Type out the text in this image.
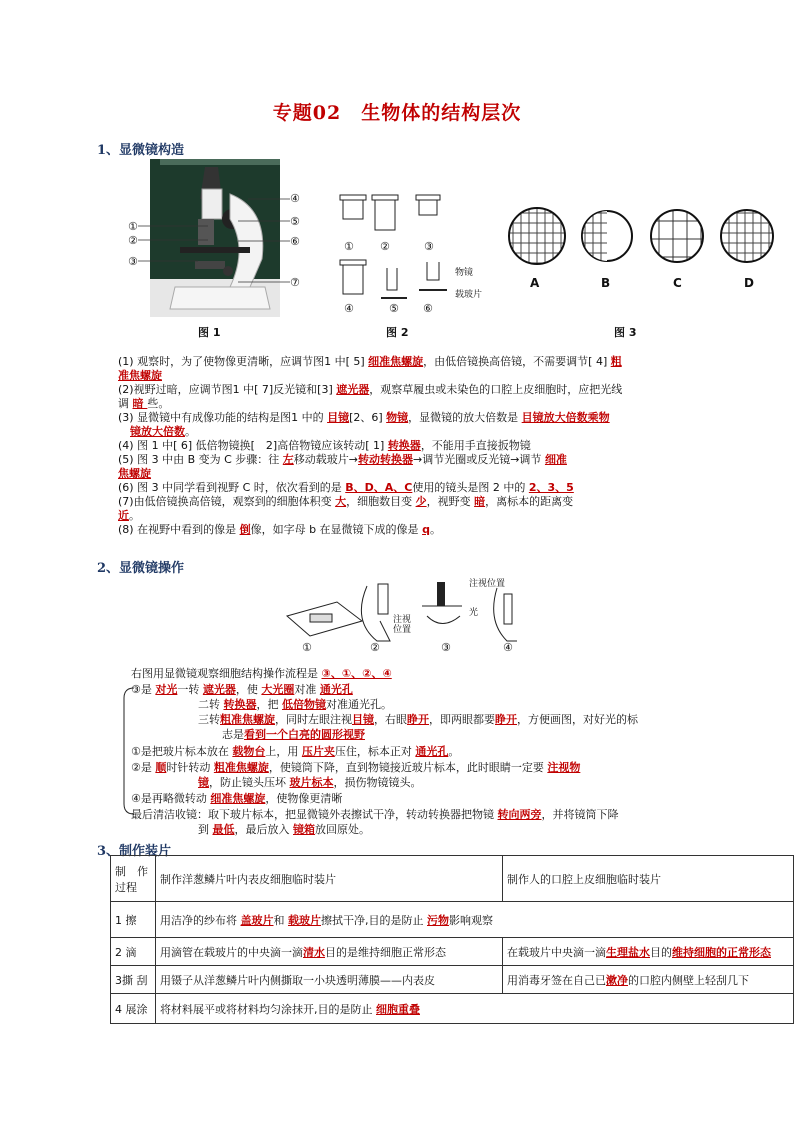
专题02　生物体的结构层次
1、显微镜构造
①
②
③
④
⑤
⑥
⑦
图 1
① ②	③
④	⑤ ⑥
物镜
载玻片
图 2
A	B	C	D
图 3
(1) 观察时，为了使物像更清晰，应调节图1 中[ 5] 细准焦螺旋，由低倍镜换高倍镜，不需要调节[ 4] 粗
准焦螺旋
(2)视野过暗，应调节图1 中[ 7]反光镜和[3] 遮光器，观察草履虫或未染色的口腔上皮细胞时，应把光线
调 暗 些。
(3) 显微镜中有成像功能的结构是图1 中的 目镜[2、6] 物镜，显微镜的放大倍数是 目镜放大倍数乘物
镜放大倍数。
(4) 图 1 中[ 6] 低倍物镜换[　2]高倍物镜应该转动[ 1] 转换器，不能用手直接扳物镜
(5) 图 3 中由 B 变为 C 步骤：往 左移动载玻片→转动转换器→调节光圈或反光镜→调节 细准
焦螺旋
(6) 图 3 中同学看到视野 C 时，依次看到的是 B、D、A、C使用的镜头是图 2 中的 2、3、5
(7)由低倍镜换高倍镜，观察到的细胞体积变 大，细胞数目变 少，视野变 暗，离标本的距离变
近。
(8) 在视野中看到的像是 倒像，如字母 b 在显微镜下成的像是 q。
2、显微镜操作
注视
位置
光
注视位置
①	②	③	④
右图用显微镜观察细胞结构操作流程是 ③、①、②、④
③是 对光一转 遮光器，使 大光圈对准 通光孔
二转 转换器，把 低倍物镜对准通光孔。
三转粗准焦螺旋，同时左眼注视目镜，右眼睁开，即两眼都要睁开，方便画图，对好光的标
志是看到一个白亮的圆形视野
①是把玻片标本放在 载物台上，用 压片夹压住，标本正对 通光孔。
②是 顺时针转动 粗准焦螺旋，使镜筒下降，直到物镜接近玻片标本，此时眼睛一定要 注视物
镜，防止镜头压坏 玻片标本，损伤物镜镜头。
④是再略微转动 细准焦螺旋，使物像更清晰
最后清洁收镜：取下玻片标本，把显微镜外表擦试干净，转动转换器把物镜 转向两旁，并将镜筒下降
到 最低，最后放入 镜箱放回原处。
3、制作装片
制　作过程	制作洋葱鳞片叶内表皮细胞临时装片	制作人的口腔上皮细胞临时装片
1 擦	用洁净的纱布将 盖玻片和 载玻片擦拭干净,目的是防止 污物影响观察	
2 滴	用滴管在载玻片的中央滴一滴清水目的是维持细胞正常形态	在载玻片中央滴一滴生理盐水目的维持细胞的正常形态
3撕 刮	用镊子从洋葱鳞片叶内侧撕取一小块透明薄膜——内表皮	用消毒牙签在自己已漱净的口腔内侧壁上轻刮几下
4 展涂	将材料展平或将材料均匀涂抹开,目的是防止 细胞重叠	
